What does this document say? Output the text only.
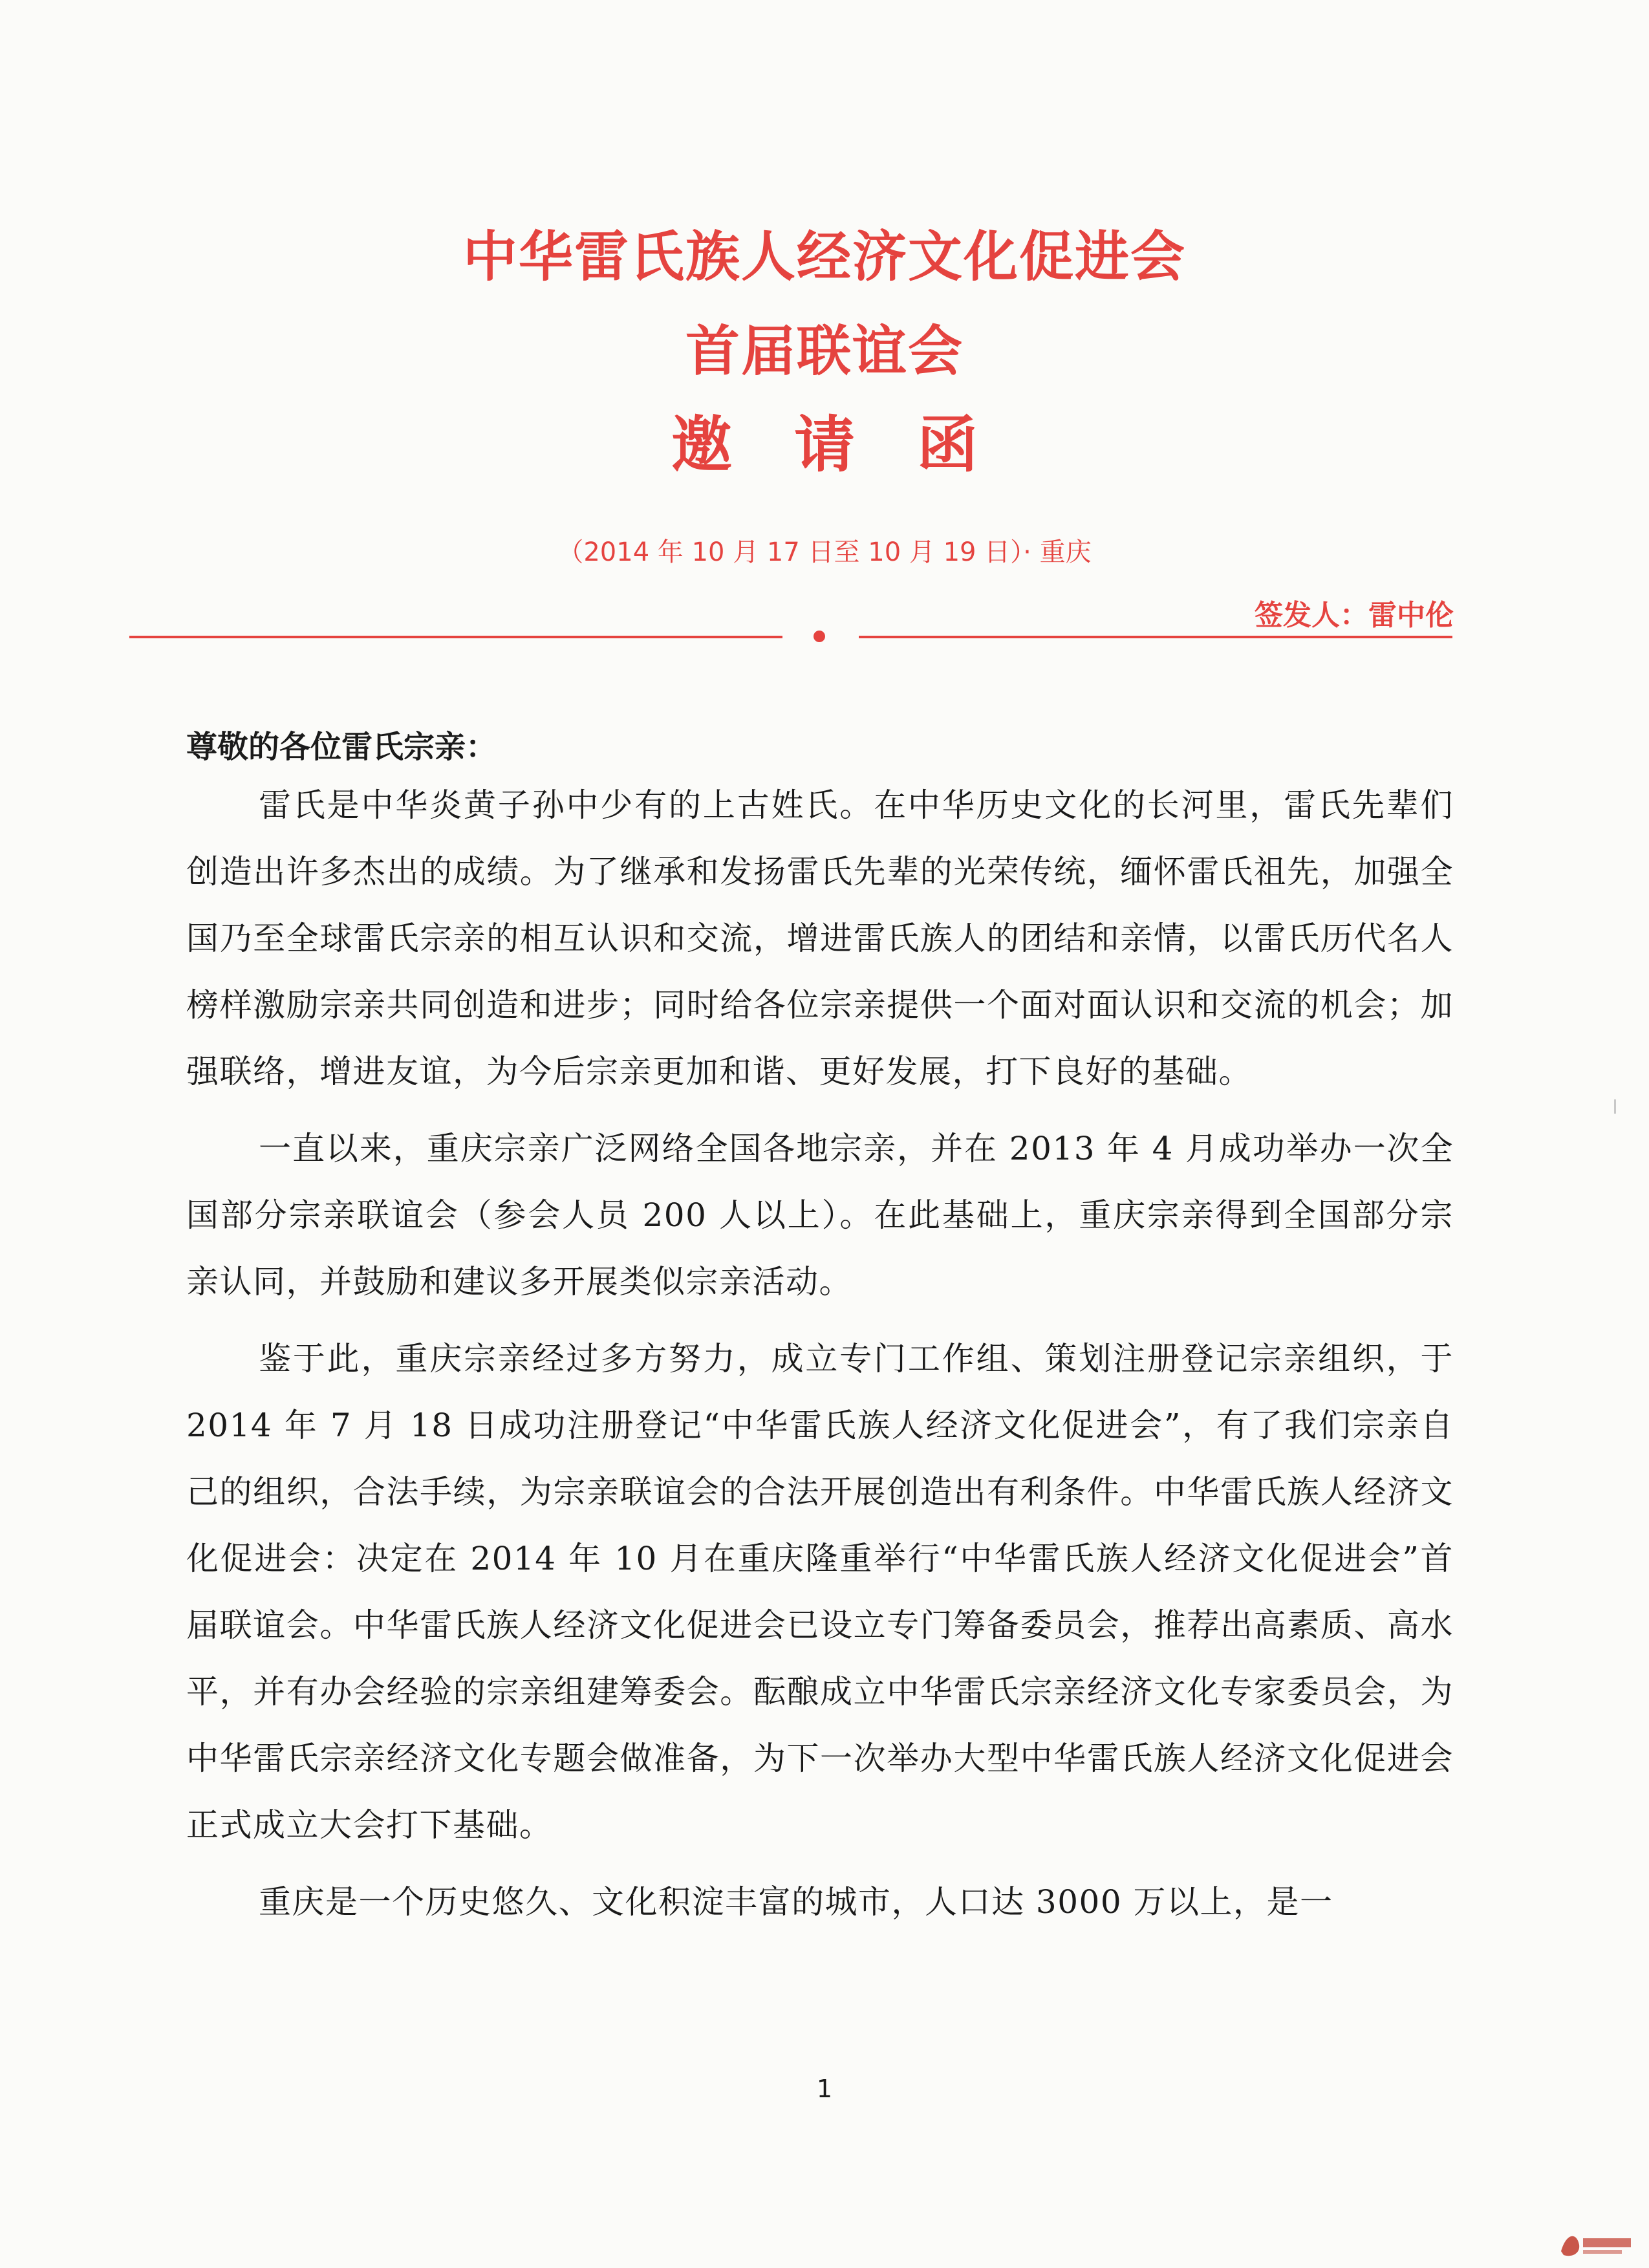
中华雷氏族人经济文化促进会
首届联谊会
邀请函
（2014 年 10 月 17 日至 10 月 19 日）· 重庆
签发人：雷中伦

尊敬的各位雷氏宗亲：

雷氏是中华炎黄子孙中少有的上古姓氏。在中华历史文化的长河里，雷氏先辈们创造出许多杰出的成绩。为了继承和发扬雷氏先辈的光荣传统，缅怀雷氏祖先，加强全国乃至全球雷氏宗亲的相互认识和交流，增进雷氏族人的团结和亲情，以雷氏历代名人榜样激励宗亲共同创造和进步；同时给各位宗亲提供一个面对面认识和交流的机会；加强联络，增进友谊，为今后宗亲更加和谐、更好发展，打下良好的基础。

一直以来，重庆宗亲广泛网络全国各地宗亲，并在 2013 年 4 月成功举办一次全国部分宗亲联谊会（参会人员 200 人以上）。在此基础上，重庆宗亲得到全国部分宗亲认同，并鼓励和建议多开展类似宗亲活动。

鉴于此，重庆宗亲经过多方努力，成立专门工作组、策划注册登记宗亲组织，于 2014 年 7 月 18 日成功注册登记“中华雷氏族人经济文化促进会”，有了我们宗亲自己的组织，合法手续，为宗亲联谊会的合法开展创造出有利条件。中华雷氏族人经济文化促进会：决定在 2014 年 10 月在重庆隆重举行“中华雷氏族人经济文化促进会”首届联谊会。中华雷氏族人经济文化促进会已设立专门筹备委员会，推荐出高素质、高水平，并有办会经验的宗亲组建筹委会。酝酿成立中华雷氏宗亲经济文化专家委员会，为中华雷氏宗亲经济文化专题会做准备，为下一次举办大型中华雷氏族人经济文化促进会正式成立大会打下基础。

重庆是一个历史悠久、文化积淀丰富的城市，人口达 3000 万以上，是一

1
